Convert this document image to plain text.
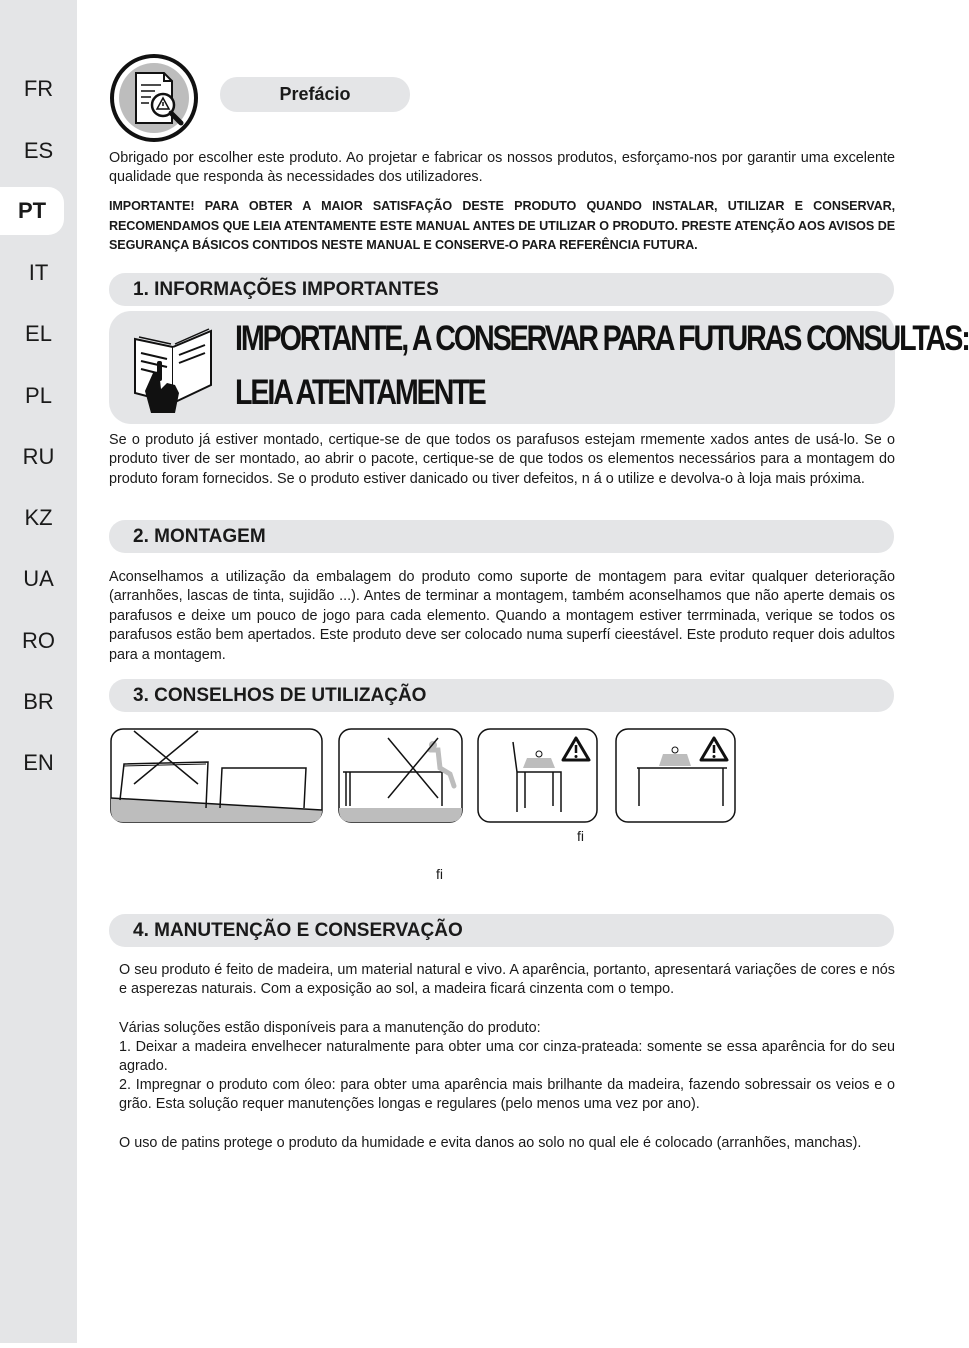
FR
ES
PT
IT
EL
PL
RU
KZ
UA
RO
BR
EN
Prefácio
Obrigado por escolher este produto. Ao projetar e fabricar os nossos produtos, esforçamo-nos por garantir uma excelente qualidade que responda às necessidades dos utilizadores.
IMPORTANTE! PARA OBTER A MAIOR SATISFAÇÃO DESTE PRODUTO QUANDO INSTALAR, UTILIZAR E CONSERVAR, RECOMENDAMOS QUE LEIA ATENTAMENTE ESTE MANUAL ANTES DE UTILIZAR O PRODUTO. PRESTE ATENÇÃO AOS AVISOS DE SEGURANÇA BÁSICOS CONTIDOS NESTE MANUAL E CONSERVE-O PARA REFERÊNCIA FUTURA.
1. INFORMAÇÕES IMPORTANTES
IMPORTANTE, A CONSERVAR PARA FUTURAS CONSULTAS:
LEIA ATENTAMENTE
Se o produto já estiver montado, certique-se de que todos os parafusos estejam rmemente xados antes de usá-lo. Se o produto tiver de ser montado, ao abrir o pacote, certique-se de que todos os elementos necessários para a montagem do produto foram fornecidos. Se o produto estiver danicado ou tiver defeitos, n á o utilize e devolva-o à loja mais próxima.
2. MONTAGEM
Aconselhamos a utilização da embalagem do produto como suporte de montagem para evitar qualquer deterioração (arranhões, lascas de tinta, sujidão ...). Antes de terminar a montagem, também aconselhamos que não aperte demais os parafusos e deixe um pouco de jogo para cada elemento. Quando a montagem estiver terrminada, verique se todos os parafusos estão bem apertados. Este produto deve ser colocado numa superfí cieestável. Este produto requer dois adultos para a montagem.
3. CONSELHOS DE UTILIZAÇÃO
ﬁ
ﬁ
4. MANUTENÇÃO E CONSERVAÇÃO
O seu produto é feito de madeira, um material natural e vivo. A aparência, portanto, apresentará variações de cores e nós e asperezas naturais. Com a exposição ao sol, a madeira ficará cinzenta com o tempo.
Várias soluções estão disponíveis para a manutenção do produto:
1. Deixar a madeira envelhecer naturalmente para obter uma cor cinza-prateada: somente se essa aparência for do seu agrado.
2. Impregnar o produto com óleo: para obter uma aparência mais brilhante da madeira, fazendo sobressair os veios e o grão. Esta solução requer manutenções longas e regulares (pelo menos uma vez por ano).
O uso de patins protege o produto da humidade e evita danos ao solo no qual ele é colocado (arranhões, manchas).
